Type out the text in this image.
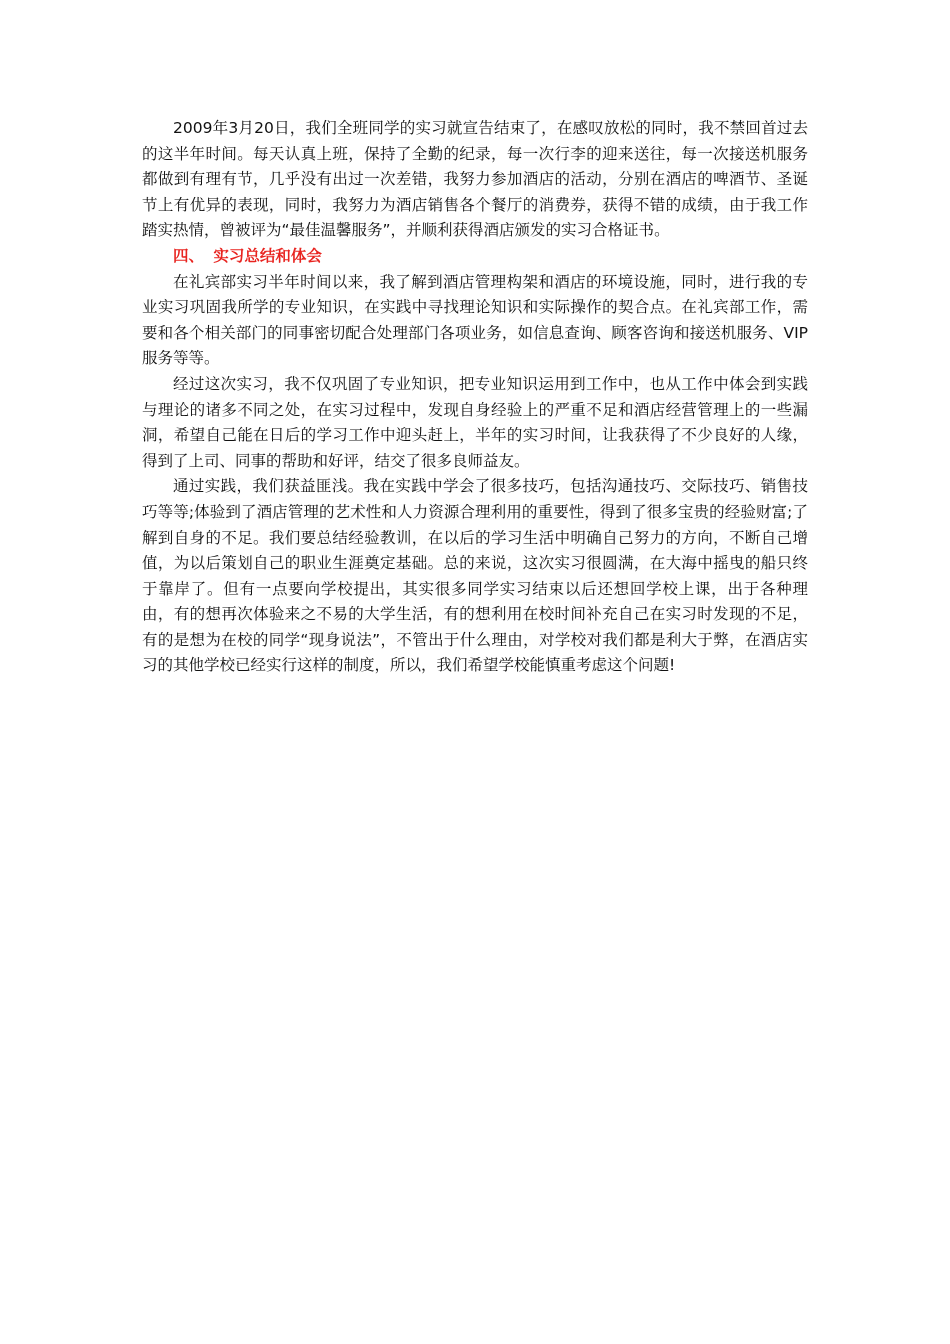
2009年3月20日，我们全班同学的实习就宣告结束了，在感叹放松的同时，我不禁回首过去的这半年时间。每天认真上班，保持了全勤的纪录，每一次行李的迎来送往，每一次接送机服务都做到有理有节，几乎没有出过一次差错，我努力参加酒店的活动，分别在酒店的啤酒节、圣诞节上有优异的表现，同时，我努力为酒店销售各个餐厅的消费券，获得不错的成绩，由于我工作踏实热情，曾被评为“最佳温馨服务”，并顺利获得酒店颁发的实习合格证书。

四、 实习总结和体会

在礼宾部实习半年时间以来，我了解到酒店管理构架和酒店的环境设施，同时，进行我的专业实习巩固我所学的专业知识，在实践中寻找理论知识和实际操作的契合点。在礼宾部工作，需要和各个相关部门的同事密切配合处理部门各项业务，如信息查询、顾客咨询和接送机服务、VIP服务等等。

经过这次实习，我不仅巩固了专业知识，把专业知识运用到工作中，也从工作中体会到实践与理论的诸多不同之处，在实习过程中，发现自身经验上的严重不足和酒店经营管理上的一些漏洞，希望自己能在日后的学习工作中迎头赶上，半年的实习时间，让我获得了不少良好的人缘，得到了上司、同事的帮助和好评，结交了很多良师益友。

通过实践，我们获益匪浅。我在实践中学会了很多技巧，包括沟通技巧、交际技巧、销售技巧等等;体验到了酒店管理的艺术性和人力资源合理利用的重要性，得到了很多宝贵的经验财富;了解到自身的不足。我们要总结经验教训，在以后的学习生活中明确自己努力的方向，不断自己增值，为以后策划自己的职业生涯奠定基础。总的来说，这次实习很圆满，在大海中摇曳的船只终于靠岸了。但有一点要向学校提出，其实很多同学实习结束以后还想回学校上课，出于各种理由，有的想再次体验来之不易的大学生活，有的想利用在校时间补充自己在实习时发现的不足，有的是想为在校的同学“现身说法”，不管出于什么理由，对学校对我们都是利大于弊，在酒店实习的其他学校已经实行这样的制度，所以，我们希望学校能慎重考虑这个问题!
